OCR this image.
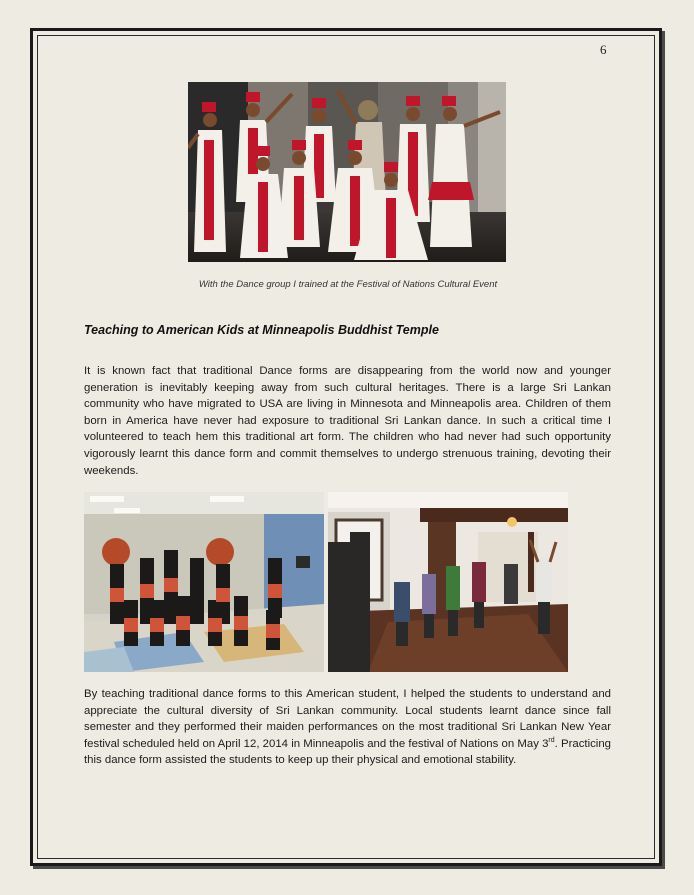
6
With the Dance group I trained at the Festival of Nations Cultural Event
Teaching to American Kids at Minneapolis Buddhist Temple
It is known fact that traditional Dance forms are disappearing from the world now and younger generation is inevitably keeping away from such cultural heritages. There is a large Sri Lankan community who have migrated to USA are living in Minnesota and Minneapolis area. Children of them born in America have never had exposure to traditional Sri Lankan dance. In such a critical time I volunteered to teach hem this traditional art form. The children who had never had such opportunity vigorously learnt this dance form and commit themselves to undergo strenuous training, devoting their weekends.
By teaching traditional dance forms to this American student, I helped the students to understand and appreciate the cultural diversity of Sri Lankan community. Local students learnt dance since fall semester and they performed their maiden performances on the most traditional Sri Lankan New Year festival scheduled held on April 12, 2014 in Minneapolis and the festival of Nations on May 3rd. Practicing this dance form assisted the students to keep up their physical and emotional stability.
